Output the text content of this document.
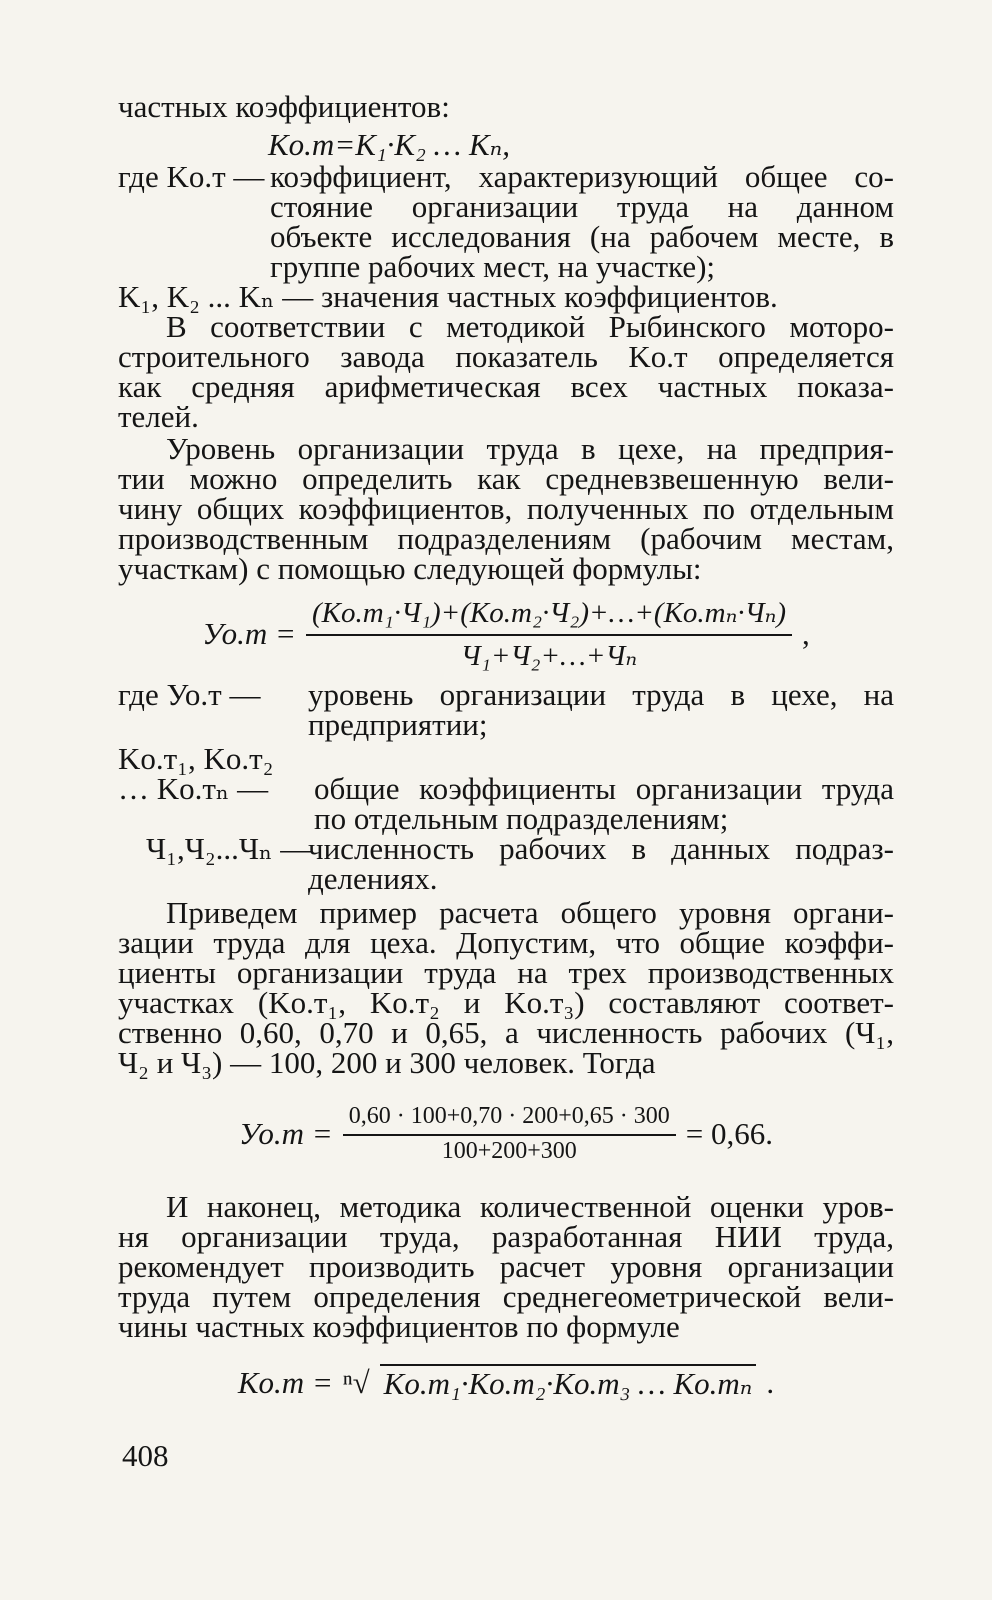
частных коэффициентов:

Kо.т=K₁·K₂ … Kₙ,

где Kо.т — коэффициент, характеризующий общее со-

стояние организации труда на данном

объекте исследования (на рабочем месте, в

группе рабочих мест, на участке);

K₁, K₂ ... Kₙ — значения частных коэффициентов.

В соответствии с методикой Рыбинского моторо-

строительного завода показатель Kо.т определяется

как средняя арифметическая всех частных показа-

телей.

Уровень организации труда в цехе, на предприя-

тии можно определить как средневзвешенную вели-

чину общих коэффициентов, полученных по отдельным

производственным подразделениям (рабочим местам,

участкам) с помощью следующей формулы:

$Уо.т = \frac{\text{(Kо.т₁·Ч₁)+(Kо.т₂·Ч₂)+…+(Kо.тₙ·Чₙ)}}{\text{Ч₁+Ч₂+…+Чₙ}}$ ,
где Уо.т —	уровень организации труда в цехе, на

предприятии;

Kо.т₁, Kо.т₂

… Kо.тₙ —	общие коэффициенты организации труда

по отдельным подразделениям;

Ч₁,Ч₂...Чₙ —

численность рабочих в данных подраз-

делениях.

Приведем пример расчета общего уровня органи-

зации труда для цеха. Допустим, что общие коэффи-

циенты организации труда на трех производственных

участках (Kо.т₁, Kо.т₂ и Kо.т₃) составляют соответ-

ственно 0,60, 0,70 и 0,65, а численность рабочих (Ч₁,

Ч₂ и Ч₃) — 100, 200 и 300 человек. Тогда

$Уо.т = \frac{0,60 \cdot 100+0,70 \cdot 200+0,65 \cdot 300}{100+200+300} = 0,66$.

И наконец, методика количественной оценки уров-

ня организации труда, разработанная НИИ труда,

рекомендует производить расчет уровня организации

труда путем определения среднегеометрической вели-

чины частных коэффициентов по формуле

Kо.т = ⁿ√ Kо.т₁·Kо.т₂·Kо.т₃ … Kо.тₙ .
408
